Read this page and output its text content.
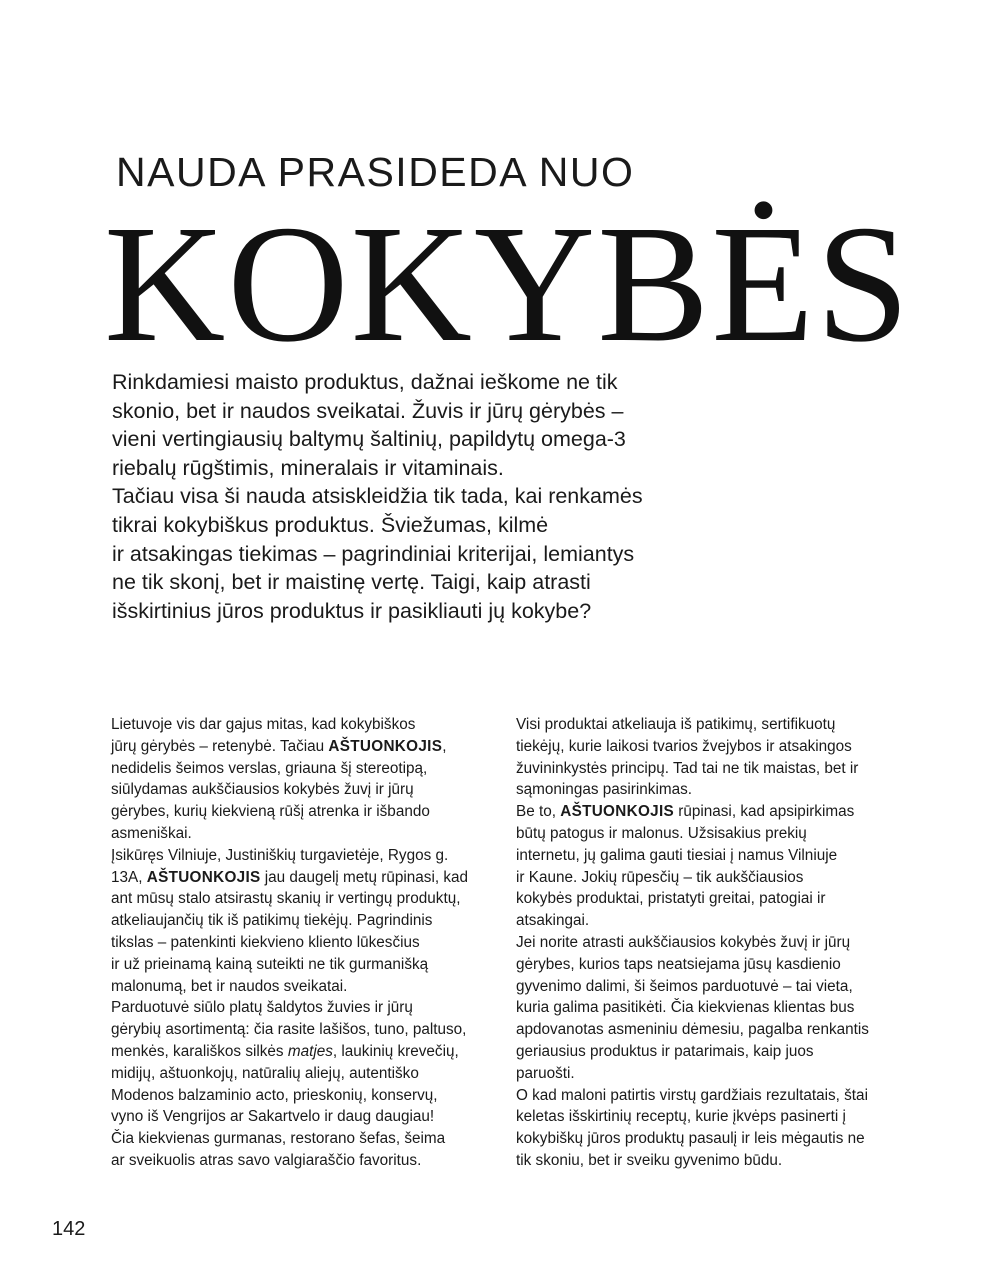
NAUDA PRASIDEDA NUO
KOKYBĖS
Rinkdamiesi maisto produktus, dažnai ieškome ne tik
skonio, bet ir naudos sveikatai. Žuvis ir jūrų gėrybės –
vieni vertingiausių baltymų šaltinių, papildytų omega-3
riebalų rūgštimis, mineralais ir vitaminais.
Tačiau visa ši nauda atsiskleidžia tik tada, kai renkamės
tikrai kokybiškus produktus. Šviežumas, kilmė
ir atsakingas tiekimas – pagrindiniai kriterijai, lemiantys
ne tik skonį, bet ir maistinę vertę. Taigi, kaip atrasti
išskirtinius jūros produktus ir pasikliauti jų kokybe?
Lietuvoje vis dar gajus mitas, kad kokybiškos
jūrų gėrybės – retenybė. Tačiau AŠTUONKOJIS,
nedidelis šeimos verslas, griauna šį stereotipą,
siūlydamas aukščiausios kokybės žuvį ir jūrų
gėrybes, kurių kiekvieną rūšį atrenka ir išbando
asmeniškai.
Įsikūręs Vilniuje, Justiniškių turgavietėje, Rygos g.
13A, AŠTUONKOJIS jau daugelį metų rūpinasi, kad
ant mūsų stalo atsirastų skanių ir vertingų produktų,
atkeliaujančių tik iš patikimų tiekėjų. Pagrindinis
tikslas – patenkinti kiekvieno kliento lūkesčius
ir už prieinamą kainą suteikti ne tik gurmanišką
malonumą, bet ir naudos sveikatai.
Parduotuvė siūlo platų šaldytos žuvies ir jūrų
gėrybių asortimentą: čia rasite lašišos, tuno, paltuso,
menkės, karališkos silkės matjes, laukinių krevečių,
midijų, aštuonkojų, natūralių aliejų, autentiško
Modenos balzaminio acto, prieskonių, konservų,
vyno iš Vengrijos ar Sakartvelo ir daug daugiau!
Čia kiekvienas gurmanas, restorano šefas, šeima
ar sveikuolis atras savo valgiaraščio favoritus.
Visi produktai atkeliauja iš patikimų, sertifikuotų
tiekėjų, kurie laikosi tvarios žvejybos ir atsakingos
žuvininkystės principų. Tad tai ne tik maistas, bet ir
sąmoningas pasirinkimas.
Be to, AŠTUONKOJIS rūpinasi, kad apsipirkimas
būtų patogus ir malonus. Užsisakius prekių
internetu, jų galima gauti tiesiai į namus Vilniuje
ir Kaune. Jokių rūpesčių – tik aukščiausios
kokybės produktai, pristatyti greitai, patogiai ir
atsakingai.
Jei norite atrasti aukščiausios kokybės žuvį ir jūrų
gėrybes, kurios taps neatsiejama jūsų kasdienio
gyvenimo dalimi, ši šeimos parduotuvė – tai vieta,
kuria galima pasitikėti. Čia kiekvienas klientas bus
apdovanotas asmeniniu dėmesiu, pagalba renkantis
geriausius produktus ir patarimais, kaip juos
paruošti.
O kad maloni patirtis virstų gardžiais rezultatais, štai
keletas išskirtinių receptų, kurie įkvėps pasinerti į
kokybiškų jūros produktų pasaulį ir leis mėgautis ne
tik skoniu, bet ir sveiku gyvenimo būdu.
142
